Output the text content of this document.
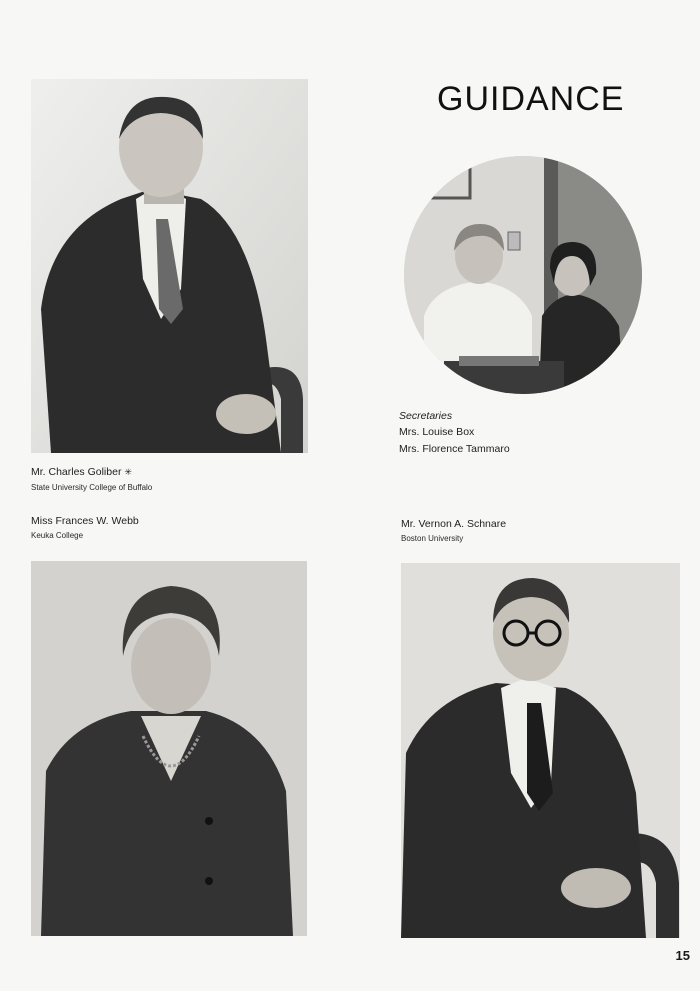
GUIDANCE
Secretaries
Mrs. Louise Box
Mrs. Florence Tammaro
Mr. Charles Goliber ✳
State University College of Buffalo
Miss Frances W. Webb
Keuka College
Mr. Vernon A. Schnare
Boston University
15
